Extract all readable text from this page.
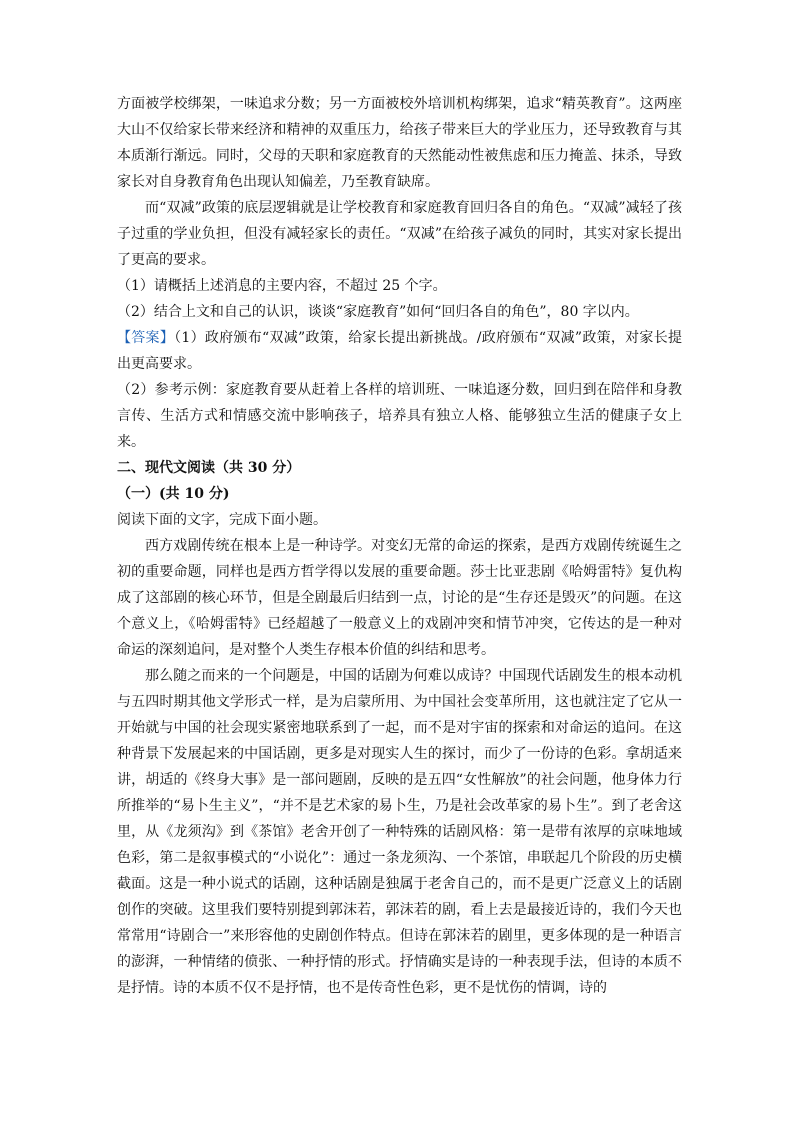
方面被学校绑架，一味追求分数；另一方面被校外培训机构绑架，追求“精英教育”。这两座大山不仅给家长带来经济和精神的双重压力，给孩子带来巨大的学业压力，还导致教育与其本质渐行渐远。同时，父母的天职和家庭教育的天然能动性被焦虑和压力掩盖、抹杀，导致家长对自身教育角色出现认知偏差，乃至教育缺席。

而“双减”政策的底层逻辑就是让学校教育和家庭教育回归各自的角色。“双减”减轻了孩子过重的学业负担，但没有减轻家长的责任。“双减”在给孩子减负的同时，其实对家长提出了更高的要求。

（1）请概括上述消息的主要内容，不超过 25 个字。

（2）结合上文和自己的认识，谈谈“家庭教育”如何“回归各自的角色”，80 字以内。

【答案】（1）政府颁布“双减”政策，给家长提出新挑战。/政府颁布“双减”政策，对家长提出更高要求。

（2）参考示例：家庭教育要从赶着上各样的培训班、一味追逐分数，回归到在陪伴和身教言传、生活方式和情感交流中影响孩子，培养具有独立人格、能够独立生活的健康子女上来。

二、现代文阅读（共 30 分）

（一）(共 10 分)

阅读下面的文字，完成下面小题。

西方戏剧传统在根本上是一种诗学。对变幻无常的命运的探索，是西方戏剧传统诞生之初的重要命题，同样也是西方哲学得以发展的重要命题。莎士比亚悲剧《哈姆雷特》复仇构成了这部剧的核心环节，但是全剧最后归结到一点，讨论的是“生存还是毁灭”的问题。在这个意义上，《哈姆雷特》已经超越了一般意义上的戏剧冲突和情节冲突，它传达的是一种对命运的深刻追问，是对整个人类生存根本价值的纠结和思考。

那么随之而来的一个问题是，中国的话剧为何难以成诗？中国现代话剧发生的根本动机与五四时期其他文学形式一样，是为启蒙所用、为中国社会变革所用，这也就注定了它从一开始就与中国的社会现实紧密地联系到了一起，而不是对宇宙的探索和对命运的追问。在这种背景下发展起来的中国话剧，更多是对现实人生的探讨，而少了一份诗的色彩。拿胡适来讲，胡适的《终身大事》是一部问题剧，反映的是五四“女性解放”的社会问题，他身体力行所推举的“易卜生主义”，“并不是艺术家的易卜生，乃是社会改革家的易卜生”。到了老舍这里，从《龙须沟》到《茶馆》老舍开创了一种特殊的话剧风格：第一是带有浓厚的京味地域色彩，第二是叙事模式的“小说化”：通过一条龙须沟、一个茶馆，串联起几个阶段的历史横截面。这是一种小说式的话剧，这种话剧是独属于老舍自己的，而不是更广泛意义上的话剧创作的突破。这里我们要特别提到郭沫若，郭沫若的剧，看上去是最接近诗的，我们今天也常常用“诗剧合一”来形容他的史剧创作特点。但诗在郭沫若的剧里，更多体现的是一种语言的澎湃，一种情绪的偾张、一种抒情的形式。抒情确实是诗的一种表现手法，但诗的本质不是抒情。诗的本质不仅不是抒情，也不是传奇性色彩，更不是忧伤的情调，诗的
